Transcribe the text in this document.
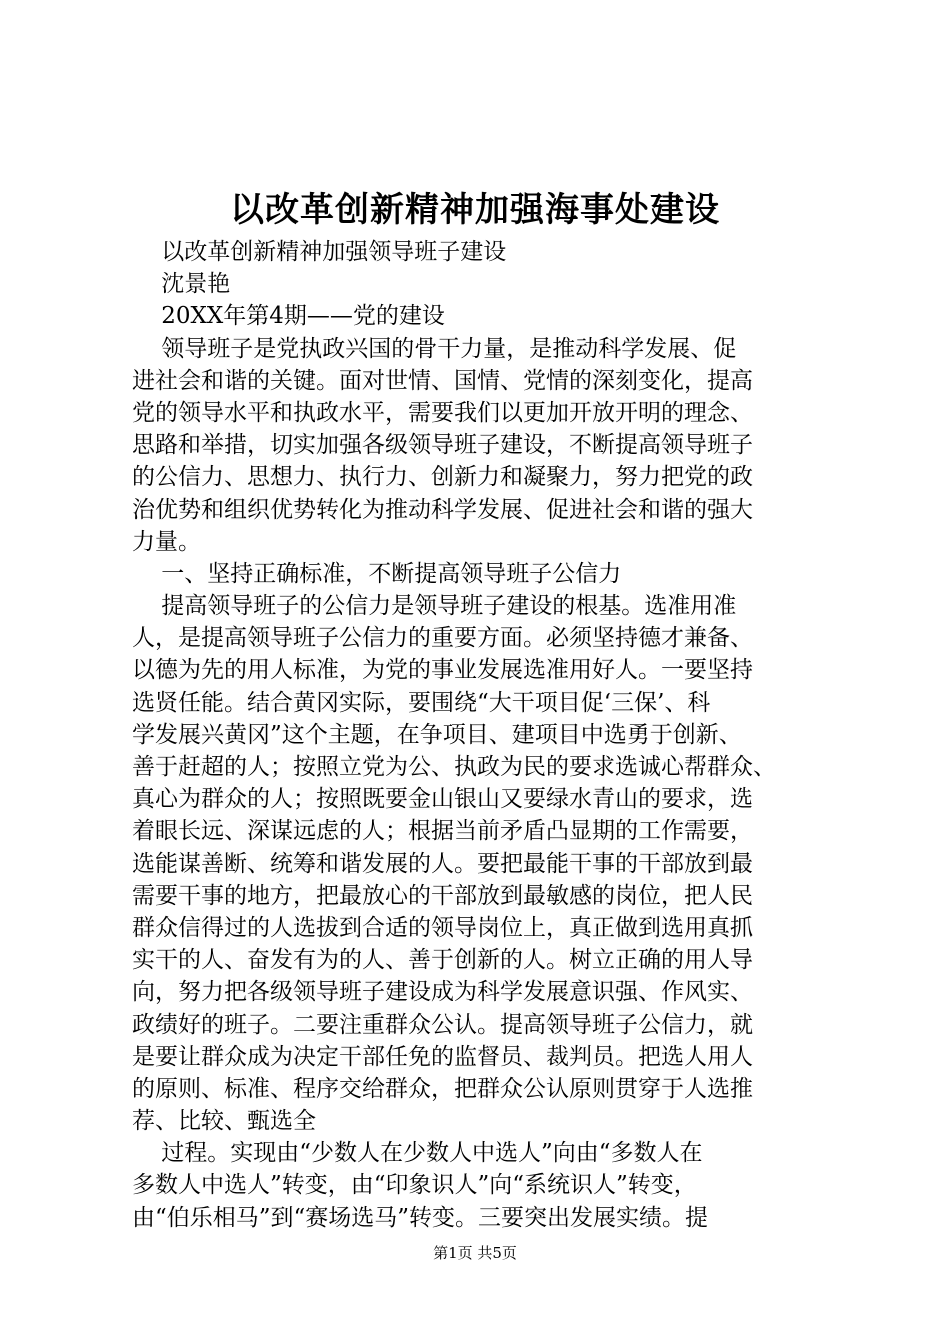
以改革创新精神加强海事处建设
以改革创新精神加强领导班子建设
沈景艳
20XX年第4期——党的建设
领导班子是党执政兴国的骨干力量，是推动科学发展、促
进社会和谐的关键。面对世情、国情、党情的深刻变化，提高
党的领导水平和执政水平，需要我们以更加开放开明的理念、
思路和举措，切实加强各级领导班子建设，不断提高领导班子
的公信力、思想力、执行力、创新力和凝聚力，努力把党的政
治优势和组织优势转化为推动科学发展、促进社会和谐的强大
力量。
一、坚持正确标准，不断提高领导班子公信力
提高领导班子的公信力是领导班子建设的根基。选准用准
人，是提高领导班子公信力的重要方面。必须坚持德才兼备、
以德为先的用人标准，为党的事业发展选准用好人。一要坚持
选贤任能。结合黄冈实际，要围绕“大干项目促‘三保’、科
学发展兴黄冈”这个主题，在争项目、建项目中选勇于创新、
善于赶超的人；按照立党为公、执政为民的要求选诚心帮群众、
真心为群众的人；按照既要金山银山又要绿水青山的要求，选
着眼长远、深谋远虑的人；根据当前矛盾凸显期的工作需要，
选能谋善断、统筹和谐发展的人。要把最能干事的干部放到最
需要干事的地方，把最放心的干部放到最敏感的岗位，把人民
群众信得过的人选拔到合适的领导岗位上，真正做到选用真抓
实干的人、奋发有为的人、善于创新的人。树立正确的用人导
向，努力把各级领导班子建设成为科学发展意识强、作风实、
政绩好的班子。二要注重群众公认。提高领导班子公信力，就
是要让群众成为决定干部任免的监督员、裁判员。把选人用人
的原则、标准、程序交给群众，把群众公认原则贯穿于人选推
荐、比较、甄选全
过程。实现由“少数人在少数人中选人”向由“多数人在
多数人中选人”转变，由“印象识人”向“系统识人”转变，
由“伯乐相马”到“赛场选马”转变。三要突出发展实绩。提
第1页 共5页
